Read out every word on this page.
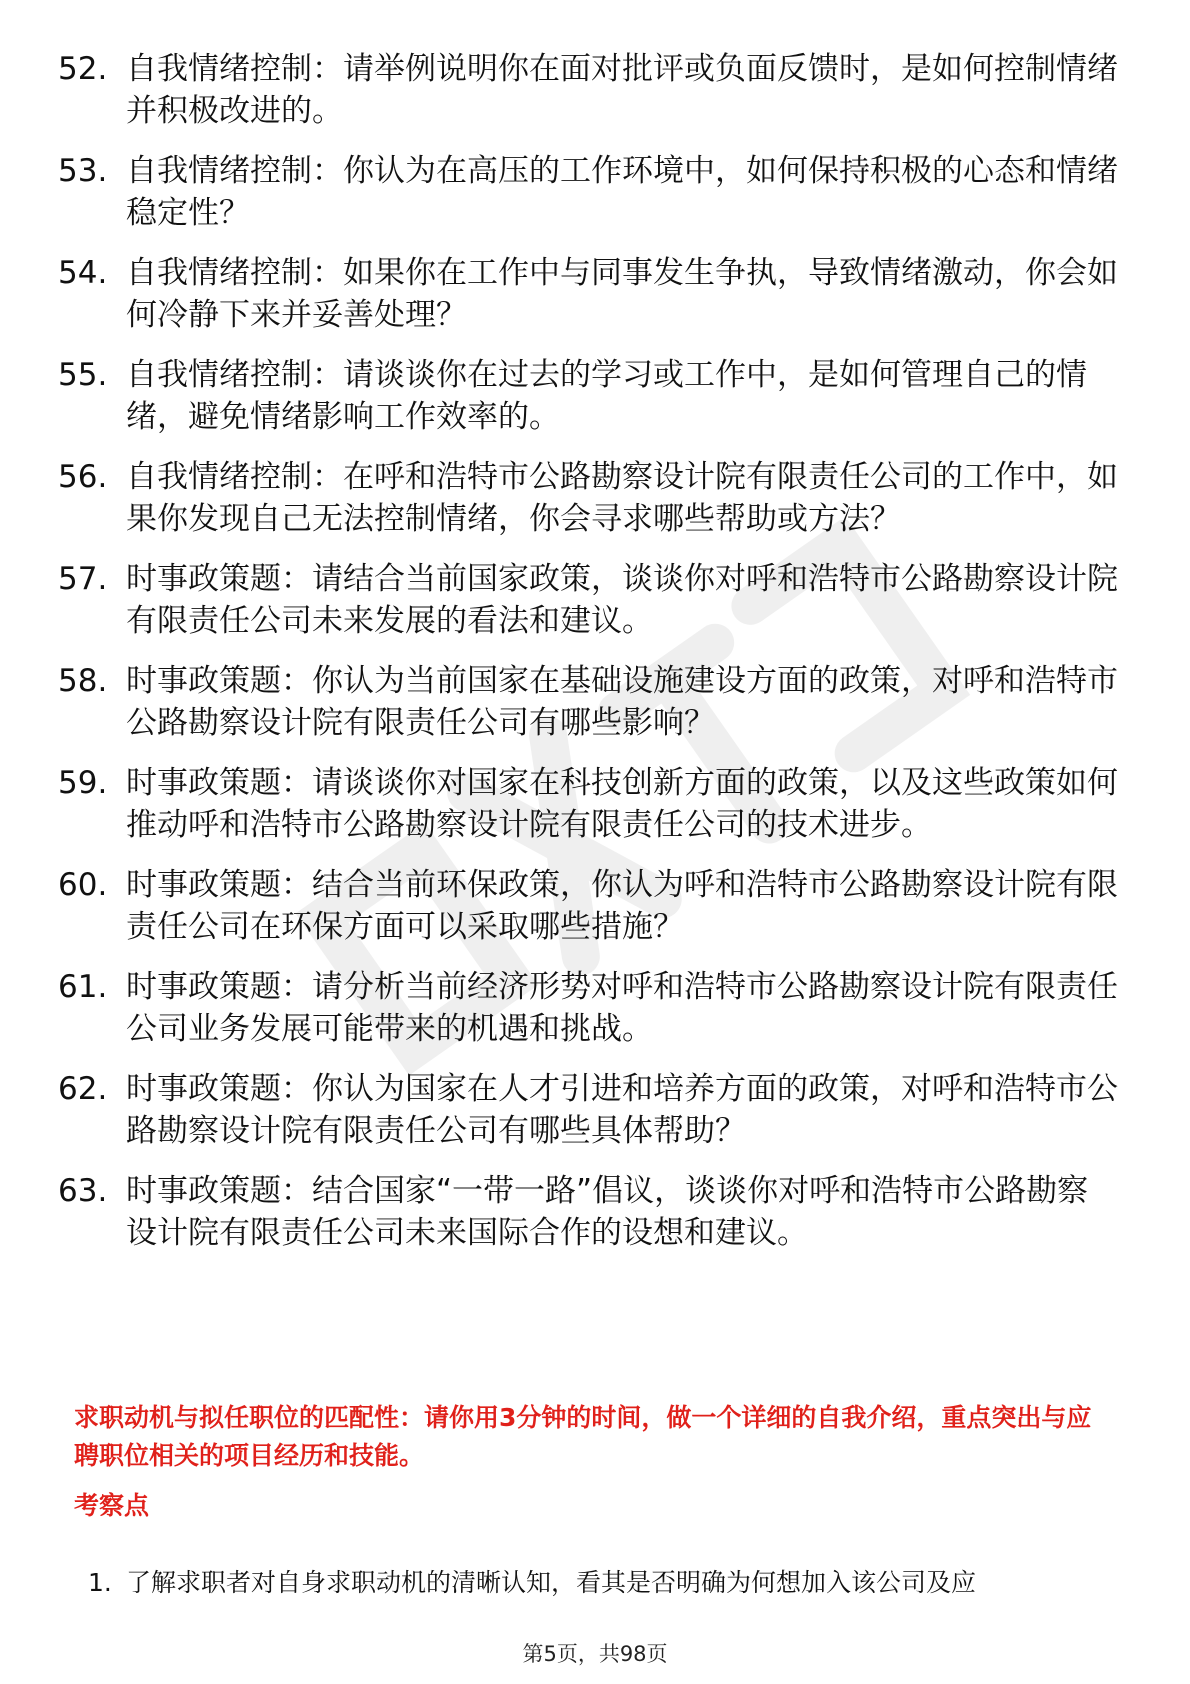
52. 自我情绪控制：请举例说明你在面对批评或负面反馈时，是如何控制情绪并积极改进的。
53. 自我情绪控制：你认为在高压的工作环境中，如何保持积极的心态和情绪稳定性？
54. 自我情绪控制：如果你在工作中与同事发生争执，导致情绪激动，你会如何冷静下来并妥善处理？
55. 自我情绪控制：请谈谈你在过去的学习或工作中，是如何管理自己的情绪，避免情绪影响工作效率的。
56. 自我情绪控制：在呼和浩特市公路勘察设计院有限责任公司的工作中，如果你发现自己无法控制情绪，你会寻求哪些帮助或方法？
57. 时事政策题：请结合当前国家政策，谈谈你对呼和浩特市公路勘察设计院有限责任公司未来发展的看法和建议。
58. 时事政策题：你认为当前国家在基础设施建设方面的政策，对呼和浩特市公路勘察设计院有限责任公司有哪些影响？
59. 时事政策题：请谈谈你对国家在科技创新方面的政策，以及这些政策如何推动呼和浩特市公路勘察设计院有限责任公司的技术进步。
60. 时事政策题：结合当前环保政策，你认为呼和浩特市公路勘察设计院有限责任公司在环保方面可以采取哪些措施？
61. 时事政策题：请分析当前经济形势对呼和浩特市公路勘察设计院有限责任公司业务发展可能带来的机遇和挑战。
62. 时事政策题：你认为国家在人才引进和培养方面的政策，对呼和浩特市公路勘察设计院有限责任公司有哪些具体帮助？
63. 时事政策题：结合国家“一带一路”倡议，谈谈你对呼和浩特市公路勘察设计院有限责任公司未来国际合作的设想和建议。
求职动机与拟任职位的匹配性：请你用3分钟的时间，做一个详细的自我介绍，重点突出与应聘职位相关的项目经历和技能。
考察点
1. 了解求职者对自身求职动机的清晰认知，看其是否明确为何想加入该公司及应
第5页，共98页
